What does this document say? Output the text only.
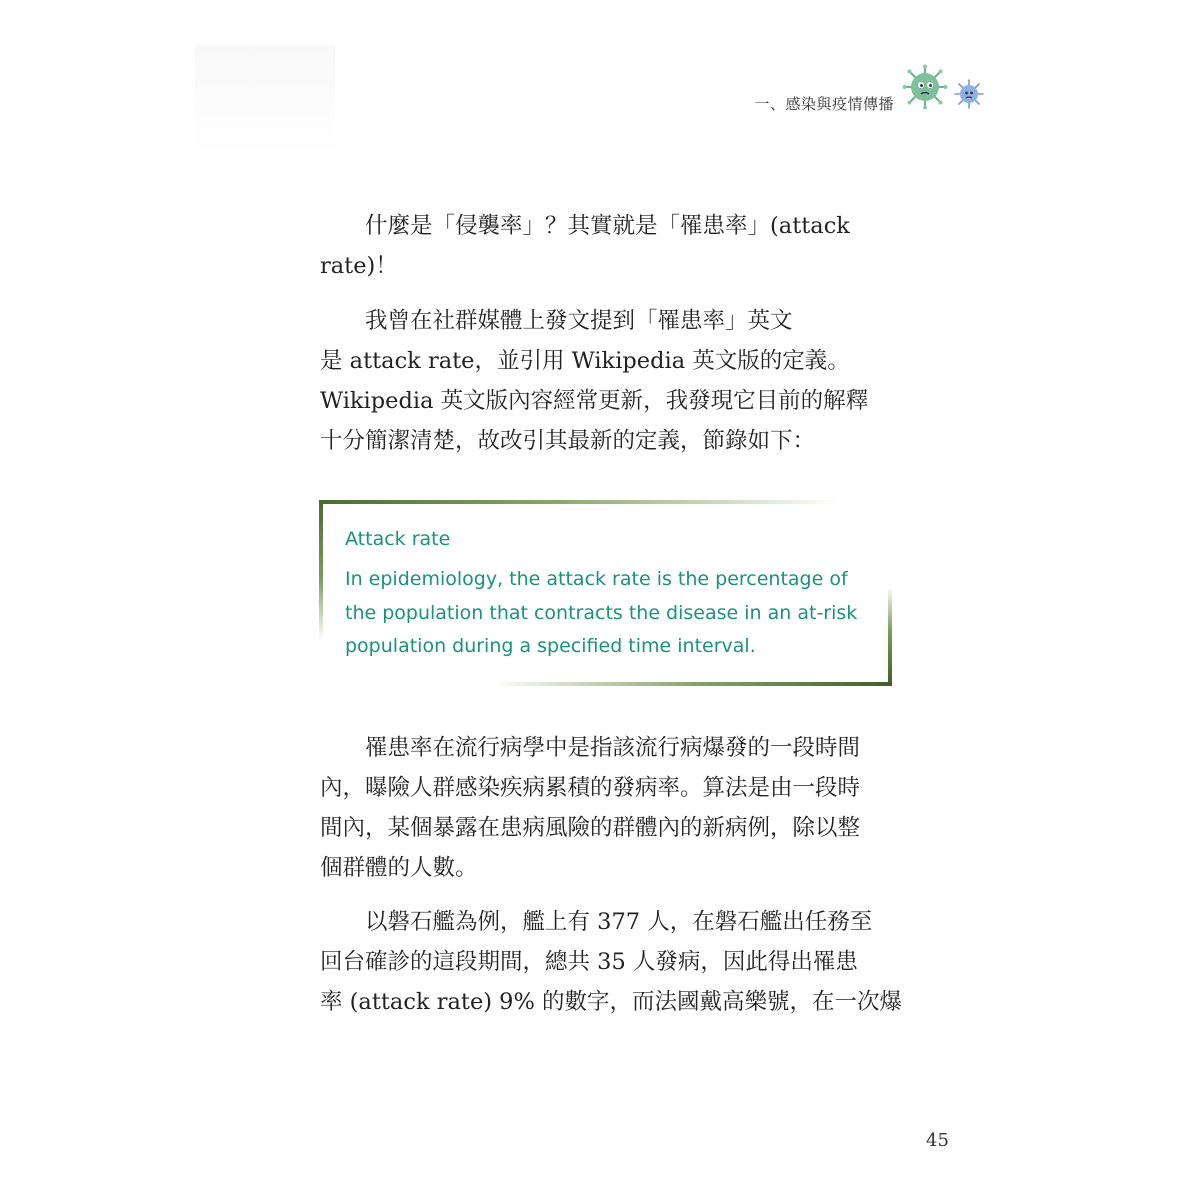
一、感染與疫情傳播
　　什麼是「侵襲率」？其實就是「罹患率」(attack
rate)！
　　我曾在社群媒體上發文提到「罹患率」英文
是 attack rate，並引用 Wikipedia 英文版的定義。
Wikipedia 英文版內容經常更新，我發現它目前的解釋
十分簡潔清楚，故改引其最新的定義，節錄如下：
Attack rate
In epidemiology, the attack rate is the percentage of
the population that contracts the disease in an at-risk
population during a specified time interval.
　　罹患率在流行病學中是指該流行病爆發的一段時間
內，曝險人群感染疾病累積的發病率。算法是由一段時
間內，某個暴露在患病風險的群體內的新病例，除以整
個群體的人數。
　　以磐石艦為例，艦上有 377 人，在磐石艦出任務至
回台確診的這段期間，總共 35 人發病，因此得出罹患
率 (attack rate) 9% 的數字，而法國戴高樂號，在一次爆
45
